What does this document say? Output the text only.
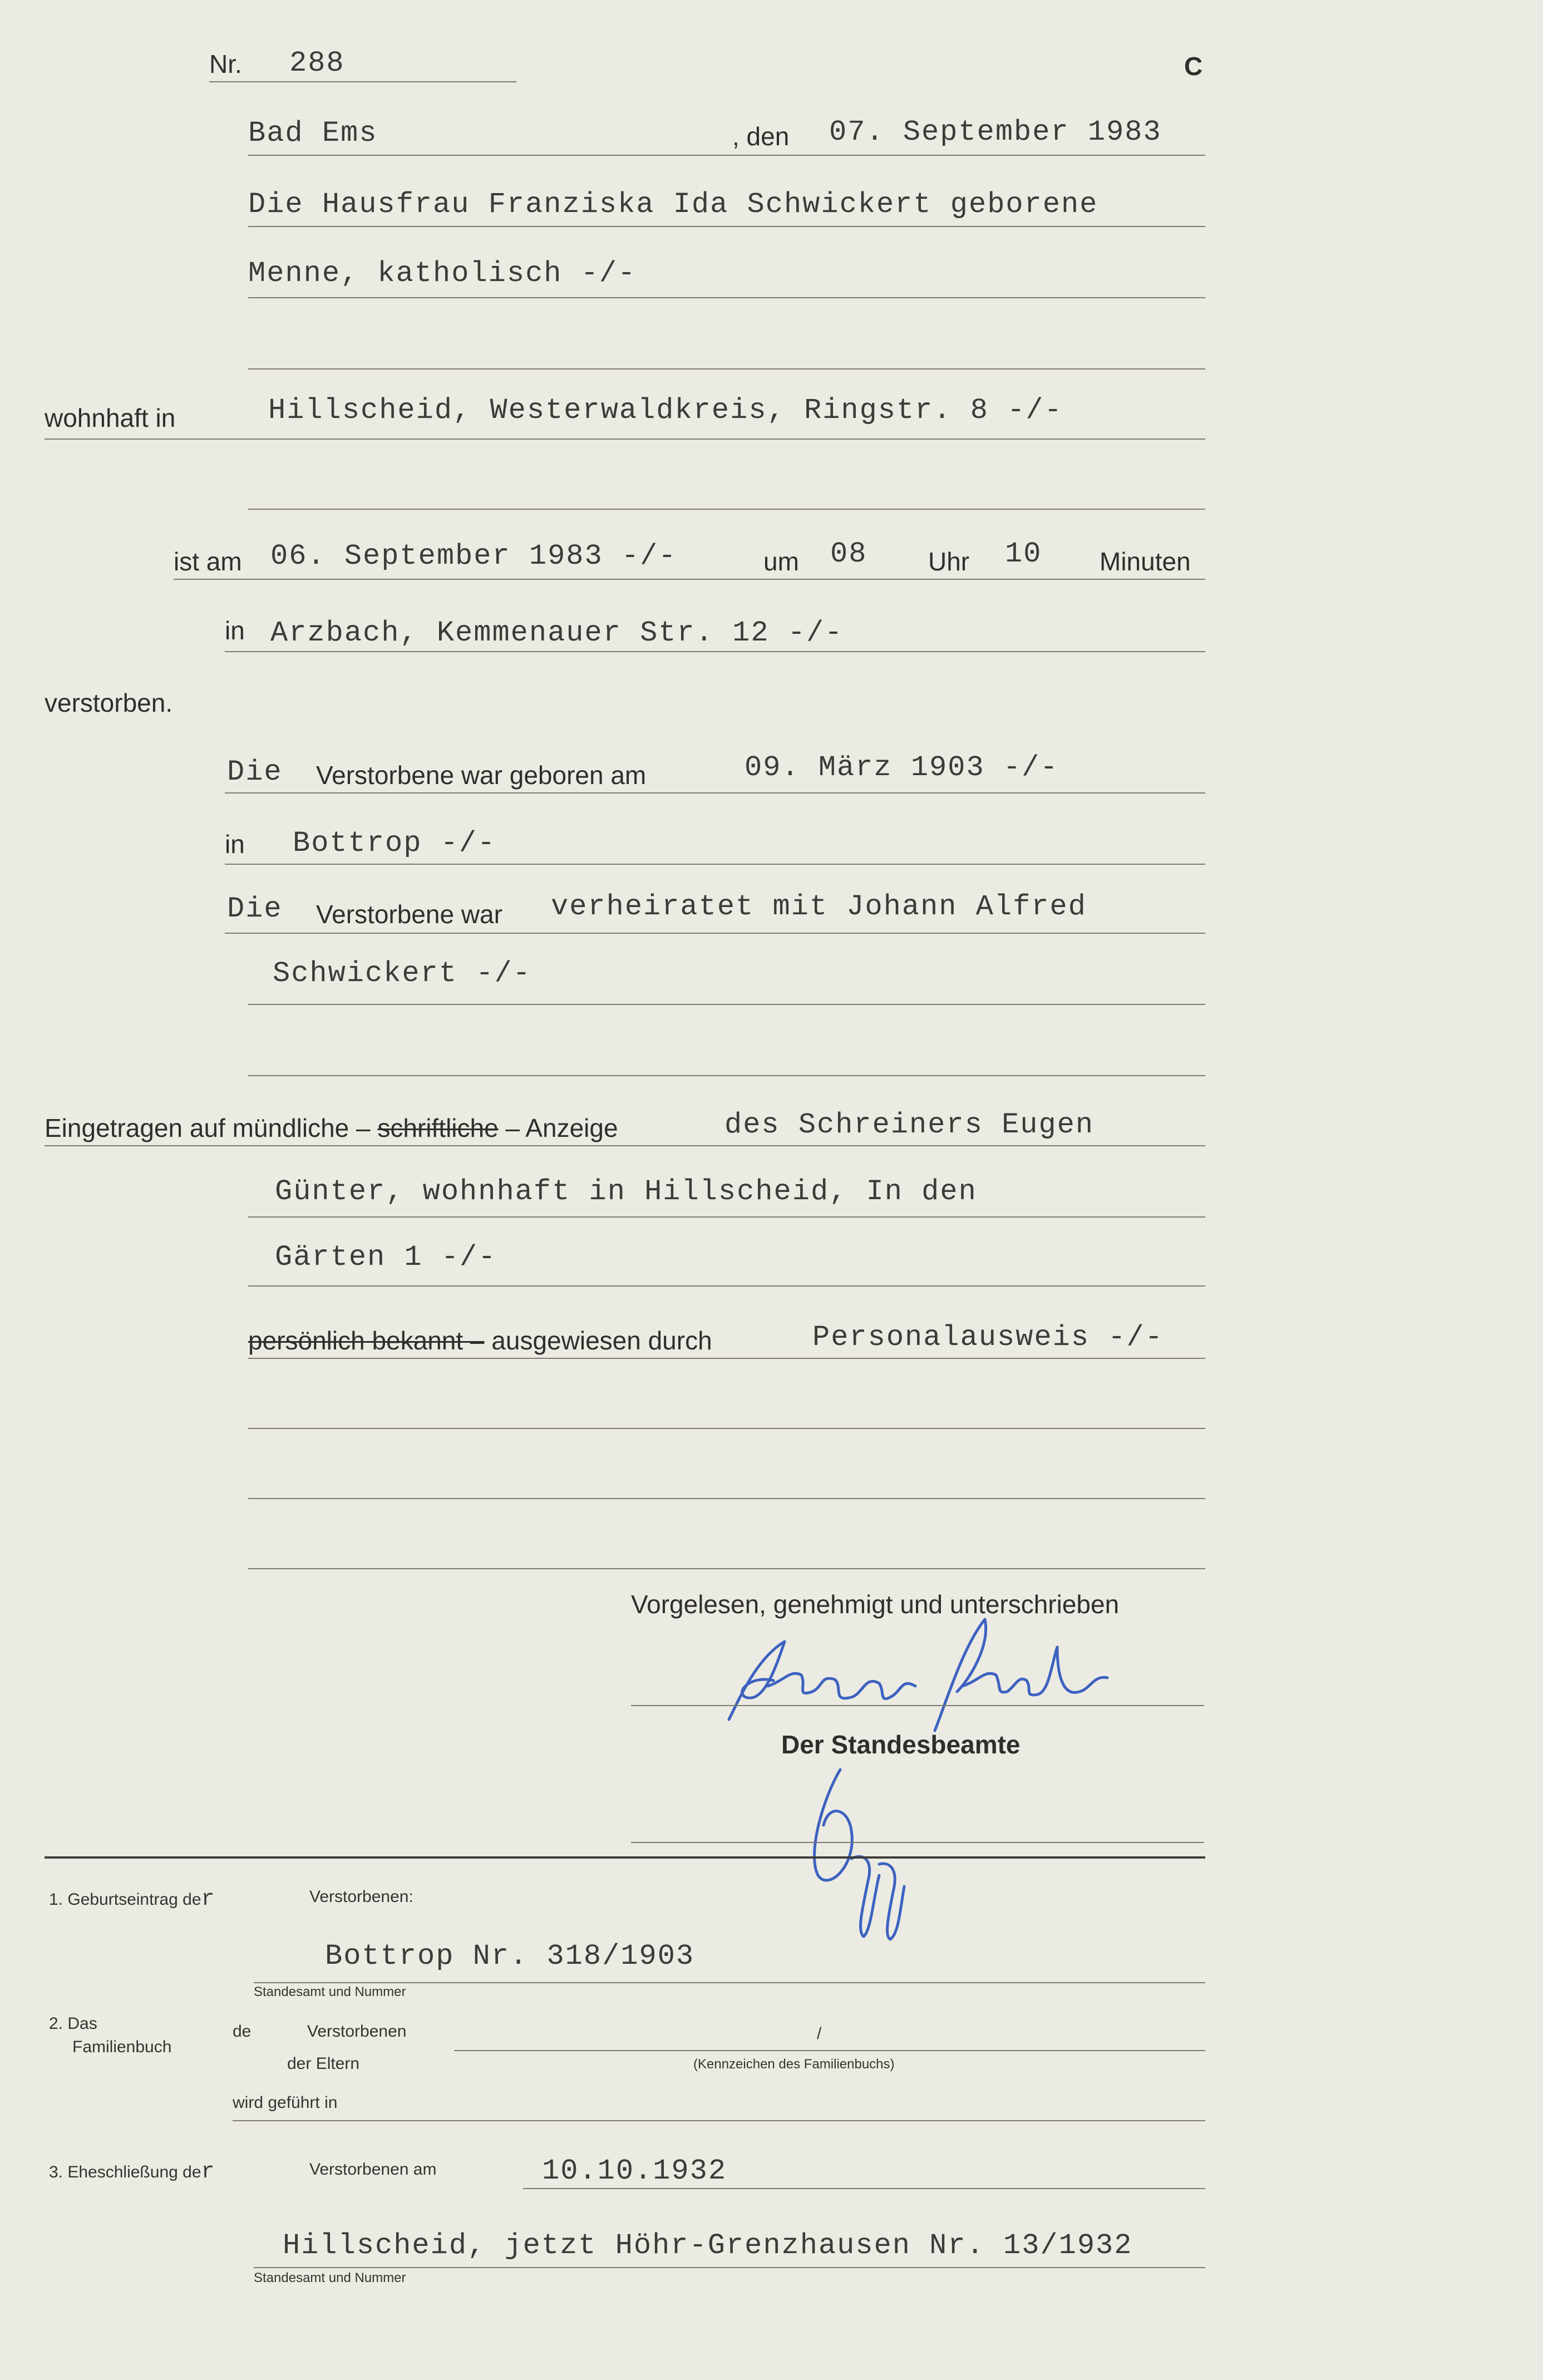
Nr. 288	C
Bad Ems	, den 07. September 1983
Die Hausfrau Franziska Ida Schwickert geborene
Menne, katholisch -/-
wohnhaft in	Hillscheid, Westerwaldkreis, Ringstr. 8 -/-
ist am 06. September 1983 -/-	um 08 Uhr 10 Minuten
in Arzbach, Kemmenauer Str. 12 -/-
verstorben.
Die Verstorbene war geboren am	09. März 1903 -/-
in Bottrop -/-
Die Verstorbene war verheiratet mit Johann Alfred
Schwickert -/-
Eingetragen auf mündliche – schriftliche – Anzeige	des Schreiners Eugen
Günter, wohnhaft in Hillscheid, In den
Gärten 1 -/-
persönlich bekannt – ausgewiesen durch	Personalausweis -/-
Vorgelesen, genehmigt und unterschrieben
Der Standesbeamte
1. Geburtseintrag der	Verstorbenen:
Bottrop Nr. 318/1903
Standesamt und Nummer
2. Das
Familienbuch
de	Verstorbenen	/
der Eltern	(Kennzeichen des Familienbuchs)
wird geführt in
3. Eheschließung der	Verstorbenen am	10.10.1932
Hillscheid, jetzt Höhr-Grenzhausen Nr. 13/1932
Standesamt und Nummer
